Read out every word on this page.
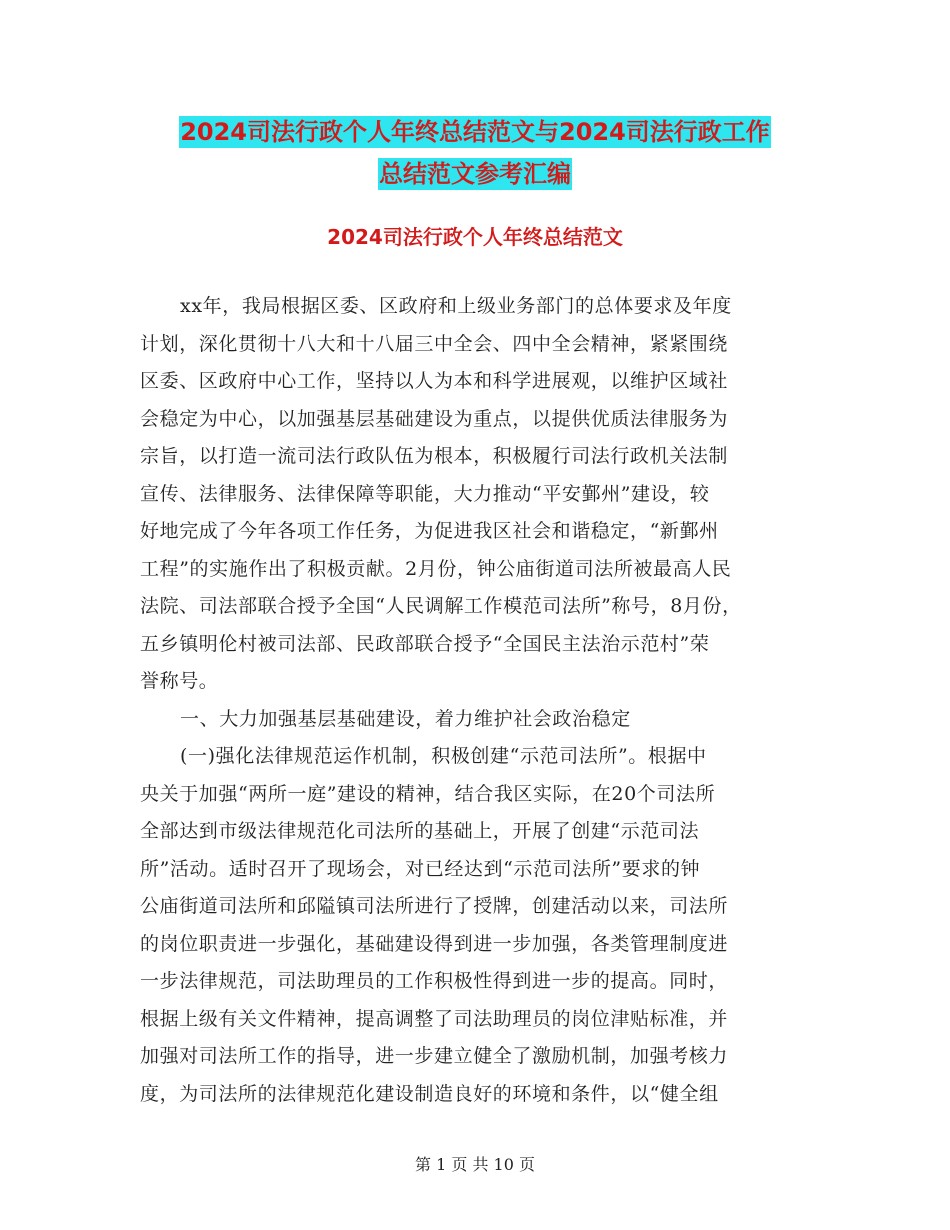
2024司法行政个人年终总结范文与2024司法行政工作
总结范文参考汇编
2024司法行政个人年终总结范文
xx年，我局根据区委、区政府和上级业务部门的总体要求及年度
计划，深化贯彻十八大和十八届三中全会、四中全会精神，紧紧围绕
区委、区政府中心工作，坚持以人为本和科学进展观，以维护区域社
会稳定为中心，以加强基层基础建设为重点，以提供优质法律服务为
宗旨，以打造一流司法行政队伍为根本，积极履行司法行政机关法制
宣传、法律服务、法律保障等职能，大力推动“平安鄞州”建设，较
好地完成了今年各项工作任务，为促进我区社会和谐稳定，“新鄞州
工程”的实施作出了积极贡献。2月份，钟公庙街道司法所被最高人民
法院、司法部联合授予全国“人民调解工作模范司法所”称号，8月份，
五乡镇明伦村被司法部、民政部联合授予“全国民主法治示范村”荣
誉称号。
一、大力加强基层基础建设，着力维护社会政治稳定
(一)强化法律规范运作机制，积极创建“示范司法所”。根据中
央关于加强“两所一庭”建设的精神，结合我区实际，在20个司法所
全部达到市级法律规范化司法所的基础上，开展了创建“示范司法
所”活动。适时召开了现场会，对已经达到“示范司法所”要求的钟
公庙街道司法所和邱隘镇司法所进行了授牌，创建活动以来，司法所
的岗位职责进一步强化，基础建设得到进一步加强，各类管理制度进
一步法律规范，司法助理员的工作积极性得到进一步的提高。同时，
根据上级有关文件精神，提高调整了司法助理员的岗位津贴标准，并
加强对司法所工作的指导，进一步建立健全了激励机制，加强考核力
度，为司法所的法律规范化建设制造良好的环境和条件，以“健全组
第 1 页 共 10 页
